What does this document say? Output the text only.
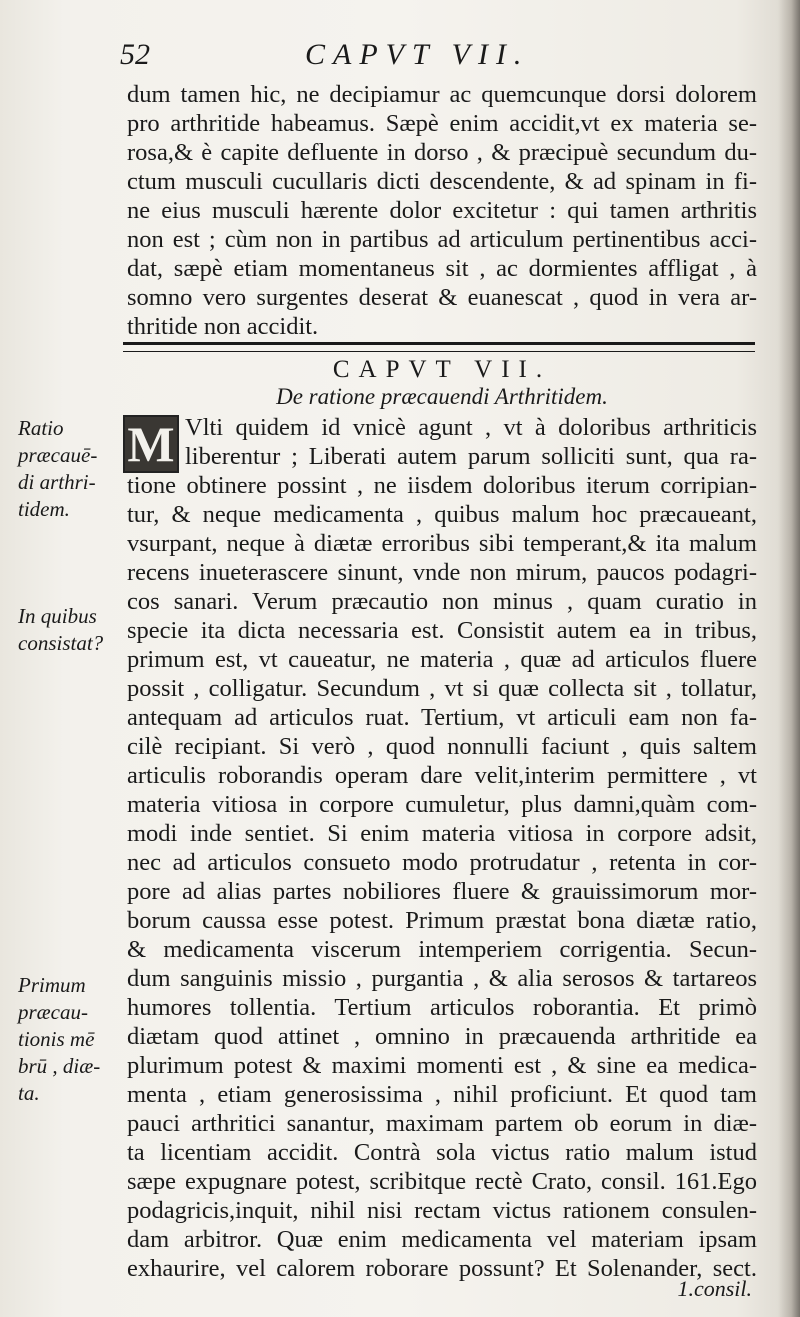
52	CAPVT VII.
dum tamen hic, ne decipiamur ac quemcunque dorsi dolorem
pro arthritide habeamus. Sæpè enim accidit,vt ex materia se-
rosa,& è capite defluente in dorso , & præcipuè secundum du-
ctum musculi cucullaris dicti descendente, & ad spinam in fi-
ne eius musculi hærente dolor excitetur : qui tamen arthritis
non est ; cùm non in partibus ad articulum pertinentibus acci-
dat, sæpè etiam momentaneus sit , ac dormientes affligat , à
somno vero surgentes deserat & euanescat , quod in vera ar-
thritide non accidit.
CAPVT VII.
De ratione præcauendi Arthritidem.
M Vlti quidem id vnicè agunt , vt à doloribus arthriticis
liberentur ; Liberati autem parum solliciti sunt, qua ra-
tione obtinere possint , ne iisdem doloribus iterum corripian-
tur, & neque medicamenta , quibus malum hoc præcaueant,
vsurpant, neque à diætæ erroribus sibi temperant,& ita malum
recens inueterascere sinunt, vnde non mirum, paucos podagri-
cos sanari. Verum præcautio non minus , quam curatio in
specie ita dicta necessaria est. Consistit autem ea in tribus,
primum est, vt caueatur, ne materia , quæ ad articulos fluere
possit , colligatur. Secundum , vt si quæ collecta sit , tollatur,
antequam ad articulos ruat. Tertium, vt articuli eam non fa-
cilè recipiant. Si verò , quod nonnulli faciunt , quis saltem
articulis roborandis operam dare velit,interim permittere , vt
materia vitiosa in corpore cumuletur, plus damni,quàm com-
modi inde sentiet. Si enim materia vitiosa in corpore adsit,
nec ad articulos consueto modo protrudatur , retenta in cor-
pore ad alias partes nobiliores fluere & grauissimorum mor-
borum caussa esse potest. Primum præstat bona diætæ ratio,
& medicamenta viscerum intemperiem corrigentia. Secun-
dum sanguinis missio , purgantia , & alia serosos & tartareos
humores tollentia. Tertium articulos roborantia. Et primò
diætam quod attinet , omnino in præcauenda arthritide ea
plurimum potest & maximi momenti est , & sine ea medica-
menta , etiam generosissima , nihil proficiunt. Et quod tam
pauci arthritici sanantur, maximam partem ob eorum in diæ-
ta licentiam accidit. Contrà sola victus ratio malum istud
sæpe expugnare potest, scribitque rectè Crato, consil. 161.Ego
podagricis,inquit, nihil nisi rectam victus rationem consulen-
dam arbitror. Quæ enim medicamenta vel materiam ipsam
exhaurire, vel calorem roborare possunt? Et Solenander, sect.
1.consil.
Ratio
præcauē-
di arthri-
tidem.
In quibus
consistat?
Primum
præcau-
tionis mē
brū , diæ-
ta.
